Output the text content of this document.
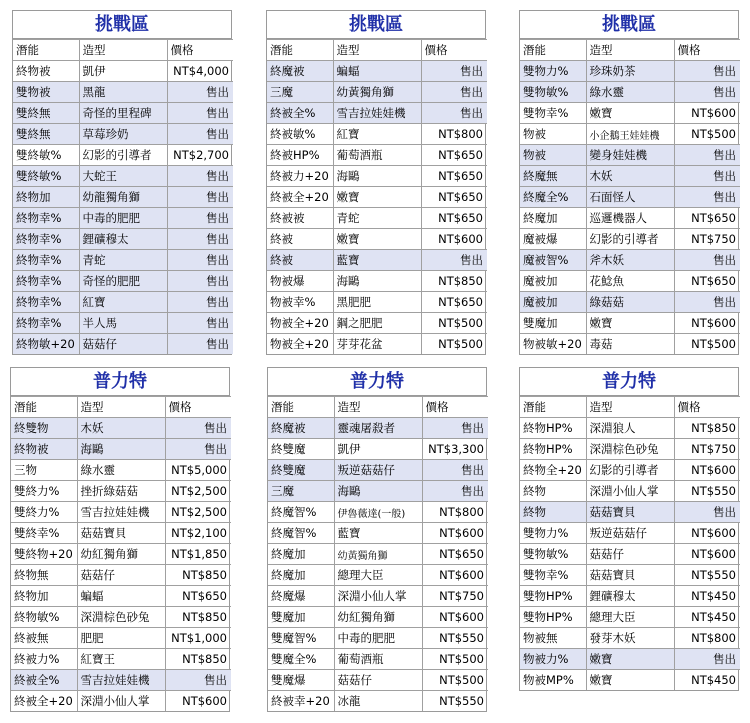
挑戰區
潛能	造型	價格
終物被	凱伊	NT$4,000
雙物被	黑龍	售出
雙終無	奇怪的里程碑	售出
雙終無	草莓珍奶	售出
雙終敏%	幻影的引導者	NT$2,700
雙終敏%	大蛇王	售出
終物加	幼龍獨角獅	售出
終物幸%	中毒的肥肥	售出
終物幸%	鋰礦穆太	售出
終物幸%	青蛇	售出
終物幸%	奇怪的肥肥	售出
終物幸%	紅寶	售出
終物幸%	半人馬	售出
終物敏+20	菇菇仔	售出
挑戰區
潛能	造型	價格
終魔被	蝙蝠	售出
三魔	幼黃獨角獅	售出
終被全%	雪吉拉娃娃機	售出
終被敏%	紅寶	NT$800
終被HP%	葡萄酒瓶	NT$650
終被力+20	海鷗	NT$650
終被全+20	嫩寶	NT$650
終被被	青蛇	NT$650
終被	嫩寶	NT$600
終被	藍寶	售出
物被爆	海鷗	NT$850
物被幸%	黑肥肥	NT$650
物被全+20	鋼之肥肥	NT$500
物被全+20	芽芽花盆	NT$500
挑戰區
潛能	造型	價格
雙物力%	珍珠奶茶	售出
雙物敏%	綠水靈	售出
雙物幸%	嫩寶	NT$600
物被	小企鵝王娃娃機	NT$500
物被	變身娃娃機	售出
終魔無	木妖	售出
終魔全%	石面怪人	售出
終魔加	巡邏機器人	NT$650
魔被爆	幻影的引導者	NT$750
魔被智%	斧木妖	售出
魔被加	花鯰魚	NT$650
魔被加	綠菇菇	售出
雙魔加	嫩寶	NT$600
物被敏+20	毒菇	NT$500
普力特
潛能	造型	價格
終雙物	木妖	售出
終物被	海鷗	售出
三物	綠水靈	NT$5,000
雙終力%	挫折綠菇菇	NT$2,500
雙終力%	雪吉拉娃娃機	NT$2,500
雙終幸%	菇菇寶貝	NT$2,100
雙終物+20	幼紅獨角獅	NT$1,850
終物無	菇菇仔	NT$850
終物加	蝙蝠	NT$650
終物敏%	深淵棕色砂兔	NT$850
終被無	肥肥	NT$1,000
終被力%	紅寶王	NT$850
終被全%	雪吉拉娃娃機	售出
終被全+20	深淵小仙人掌	NT$600
普力特
潛能	造型	價格
終魔被	靈魂屠殺者	售出
終雙魔	凱伊	NT$3,300
終雙魔	叛逆菇菇仔	售出
三魔	海鷗	售出
終魔智%	伊魯薇達(一般)	NT$800
終魔智%	藍寶	NT$600
終魔加	幼黃獨角獅	NT$650
終魔加	總理大臣	NT$600
終魔爆	深淵小仙人掌	NT$750
雙魔加	幼紅獨角獅	NT$600
雙魔智%	中毒的肥肥	NT$550
雙魔全%	葡萄酒瓶	NT$500
雙魔爆	菇菇仔	NT$500
終被幸+20	冰龍	NT$550
普力特
潛能	造型	價格
終物HP%	深淵狼人	NT$850
終物HP%	深淵棕色砂兔	NT$750
終物全+20	幻影的引導者	NT$600
終物	深淵小仙人掌	NT$550
終物	菇菇寶貝	售出
雙物力%	叛逆菇菇仔	NT$600
雙物敏%	菇菇仔	NT$600
雙物幸%	菇菇寶貝	NT$550
雙物HP%	鋰礦穆太	NT$450
雙物HP%	總理大臣	NT$450
物被無	發芽木妖	NT$800
物被力%	嫩寶	售出
物被MP%	嫩寶	NT$450
